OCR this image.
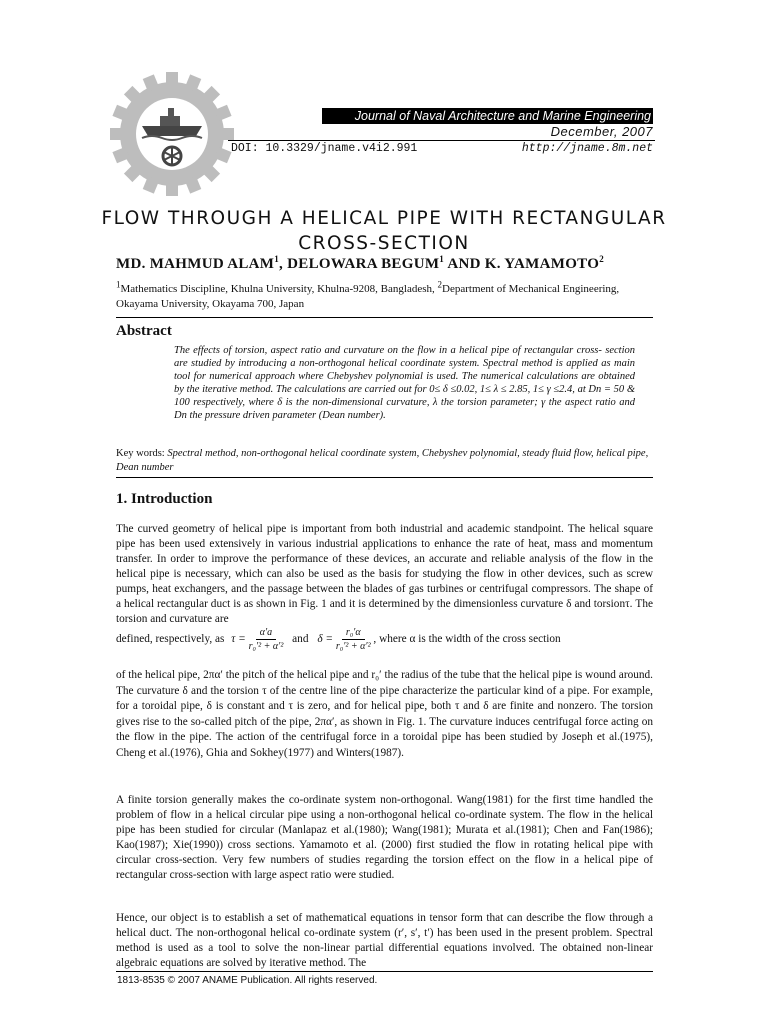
Journal of Naval Architecture and Marine Engineering
December, 2007
DOI: 10.3329/jname.v4i2.991	http://jname.8m.net
FLOW THROUGH A HELICAL PIPE WITH RECTANGULAR
CROSS-SECTION
MD. MAHMUD ALAM$^1$, DELOWARA BEGUM$^1$ AND K. YAMAMOTO$^2$
$^1$Mathematics Discipline, Khulna University, Khulna-9208, Bangladesh, $^2$Department of Mechanical Engineering, Okayama University, Okayama 700, Japan
Abstract
The effects of torsion, aspect ratio and curvature on the flow in a helical pipe of rectangular cross- section are studied by introducing a non-orthogonal helical coordinate system. Spectral method is applied as main tool for numerical approach where Chebyshev polynomial is used. The numerical calculations are obtained by the iterative method. The calculations are carried out for 0≤ δ ≤0.02, 1≤ λ ≤ 2.85, 1≤ γ ≤2.4, at Dn = 50 & 100 respectively, where δ is the non-dimensional curvature, λ the torsion parameter; γ the aspect ratio and Dn the pressure driven parameter (Dean number).
Key words: Spectral method, non-orthogonal helical coordinate system, Chebyshev polynomial, steady fluid flow, helical pipe, Dean number
1. Introduction
The curved geometry of helical pipe is important from both industrial and academic standpoint. The helical square pipe has been used extensively in various industrial applications to enhance the rate of heat, mass and momentum transfer. In order to improve the performance of these devices, an accurate and reliable analysis of the flow in the helical pipe is necessary, which can also be used as the basis for studying the flow in other devices, such as screw pumps, heat exchangers, and the passage between the blades of gas turbines or centrifugal compressors. The shape of a helical rectangular duct is as shown in Fig. 1 and it is determined by the dimensionless curvature δ and torsionτ. The torsion and curvature are
defined, respectively, as $\tau = \frac{\alpha'a}{\text{r₀′² + α′²}}$ and $\delta = \frac{\text{r₀′α}}{\text{r₀′² + α′²}}$ , where α is the width of the cross section
of the helical pipe, 2πα′ the pitch of the helical pipe and r₀′ the radius of the tube that the helical pipe is wound around. The curvature δ and the torsion τ of the centre line of the pipe characterize the particular kind of a pipe. For example, for a toroidal pipe, δ is constant and τ is zero, and for helical pipe, both τ and δ are finite and nonzero. The torsion gives rise to the so-called pitch of the pipe, 2πα′, as shown in Fig. 1. The curvature induces centrifugal force acting on the flow in the pipe. The action of the centrifugal force in a toroidal pipe has been studied by Joseph et al.(1975), Cheng et al.(1976), Ghia and Sokhey(1977) and Winters(1987).
A finite torsion generally makes the co-ordinate system non-orthogonal. Wang(1981) for the first time handled the problem of flow in a helical circular pipe using a non-orthogonal helical co-ordinate system. The flow in the helical pipe has been studied for circular (Manlapaz et al.(1980); Wang(1981); Murata et al.(1981); Chen and Fan(1986); Kao(1987); Xie(1990)) cross sections. Yamamoto et al. (2000) first studied the flow in rotating helical pipe with circular cross-section. Very few numbers of studies regarding the torsion effect on the flow in a helical pipe of rectangular cross-section with large aspect ratio were studied.
Hence, our object is to establish a set of mathematical equations in tensor form that can describe the flow through a helical duct. The non-orthogonal helical co-ordinate system (r′, s′, t′) has been used in the present problem. Spectral method is used as a tool to solve the non-linear partial differential equations involved. The obtained non-linear algebraic equations are solved by iterative method. The
1813-8535 © 2007 ANAME Publication. All rights reserved.
